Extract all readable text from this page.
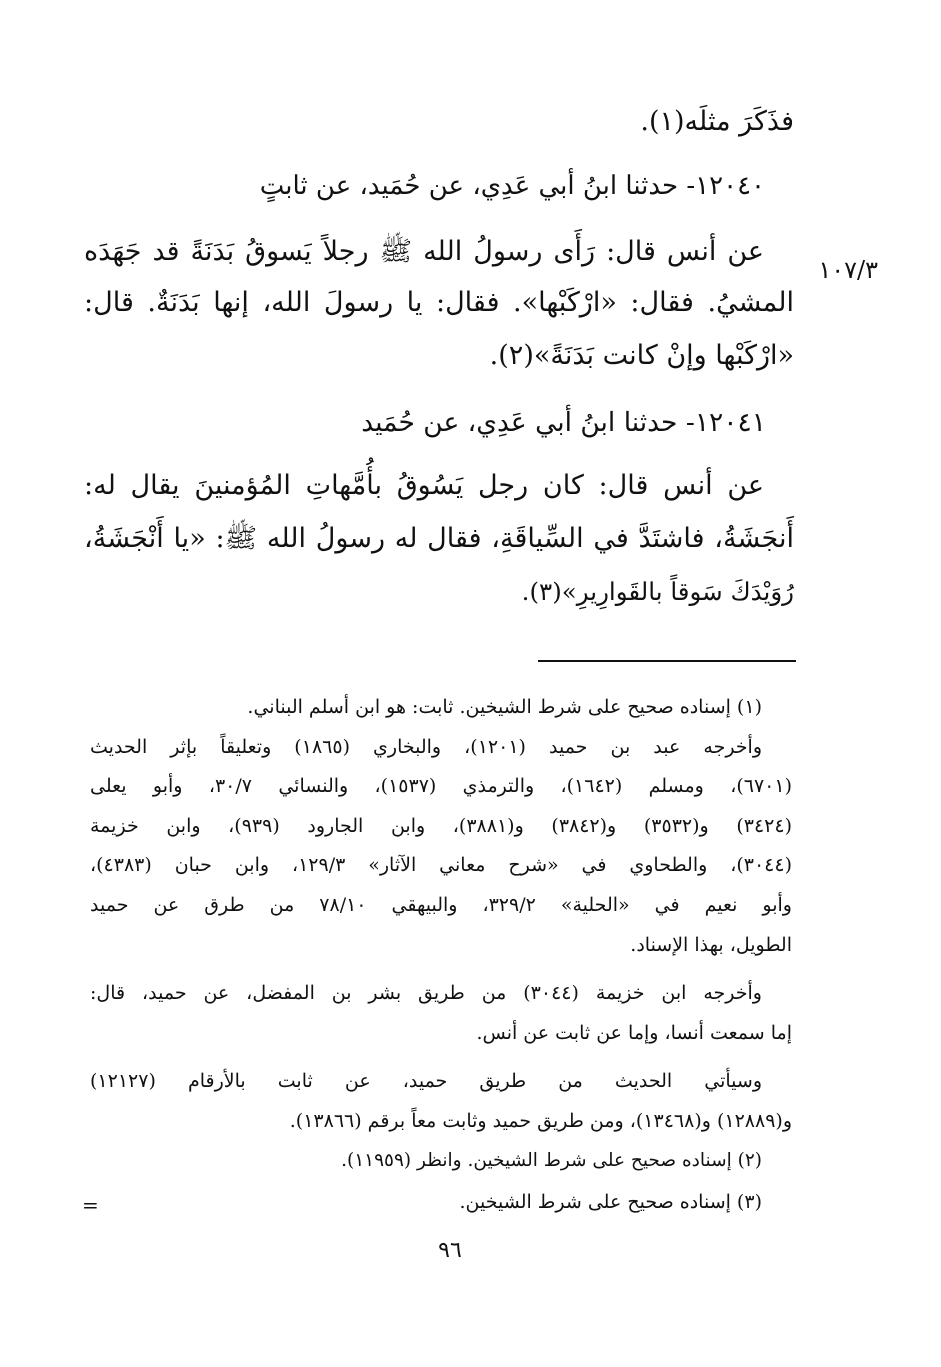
١٠٧/٣
فذَكَرَ مثلَه(١).
١٢٠٤٠- حدثنا ابنُ أبي عَدِي، عن حُمَيد، عن ثابتٍ
عن أنس قال: رَأَى رسولُ الله ﷺ رجلاً يَسوقُ بَدَنَةً قد جَهَدَه
المشيُ. فقال: «ارْكَبْها». فقال: يا رسولَ الله، إنها بَدَنَةٌ. قال:
«ارْكَبْها وإنْ كانت بَدَنَةً»(٢).
١٢٠٤١- حدثنا ابنُ أبي عَدِي، عن حُمَيد
عن أنس قال: كان رجل يَسُوقُ بأُمَّهاتِ المُؤمنينَ يقال له:
أَنجَشَةُ، فاشتَدَّ في السِّياقَةِ، فقال له رسولُ الله ﷺ: «يا أَنْجَشَةُ،
رُوَيْدَكَ سَوقاً بالقَوارِيرِ»(٣).
(١) إسناده صحيح على شرط الشيخين. ثابت: هو ابن أسلم البناني.
وأخرجه عبد بن حميد (١٢٠١)، والبخاري (١٨٦٥) وتعليقاً بإثر الحديث
(٦٧٠١)، ومسلم (١٦٤٢)، والترمذي (١٥٣٧)، والنسائي ٣٠/٧، وأبو يعلى
(٣٤٢٤) و(٣٥٣٢) و(٣٨٤٢) و(٣٨٨١)، وابن الجارود (٩٣٩)، وابن خزيمة
(٣٠٤٤)، والطحاوي في «شرح معاني الآثار» ١٢٩/٣، وابن حبان (٤٣٨٣)،
وأبو نعيم في «الحلية» ٣٢٩/٢، والبيهقي ٧٨/١٠ من طرق عن حميد
الطويل، بهذا الإسناد.
وأخرجه ابن خزيمة (٣٠٤٤) من طريق بشر بن المفضل، عن حميد، قال:
إما سمعت أنسا، وإما عن ثابت عن أنس.
وسيأتي الحديث من طريق حميد، عن ثابت بالأرقام (١٢١٢٧)
و(١٢٨٨٩) و(١٣٤٦٨)، ومن طريق حميد وثابت معاً برقم (١٣٨٦٦).
(٢) إسناده صحيح على شرط الشيخين. وانظر (١١٩٥٩).
(٣) إسناده صحيح على شرط الشيخين.
=
٩٦
